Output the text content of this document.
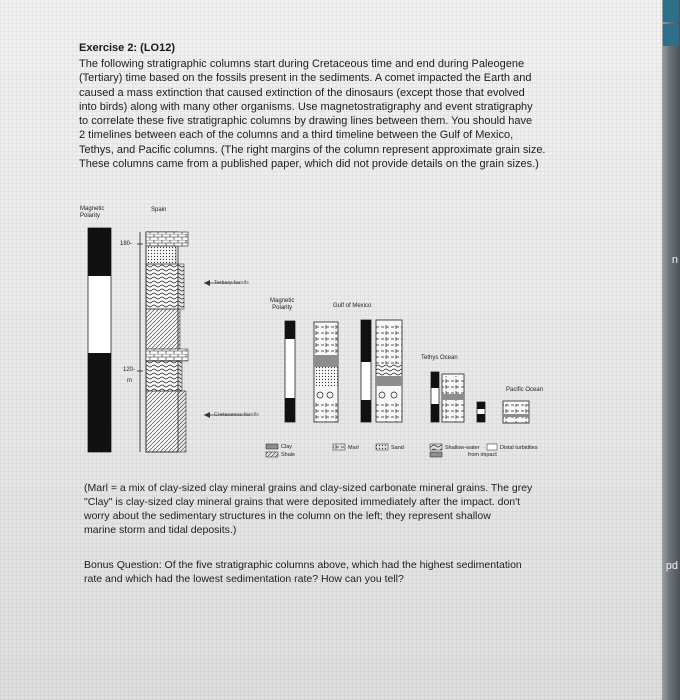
n
pd
Exercise 2: (LO12)
The following stratigraphic columns start during Cretaceous time and end during Paleogene
(Tertiary) time based on the fossils present in the sediments. A comet impacted the Earth and
caused a mass extinction that caused extinction of the dinosaurs (except those that evolved
into birds) along with many other organisms. Use magnetostratigraphy and event stratigraphy
to correlate these five stratigraphic columns by drawing lines between them. You should have
2 timelines between each of the columns and a third timeline between the Gulf of Mexico,
Tethys, and Pacific columns. (The right margins of the column represent approximate grain size.
These columns came from a published paper, which did not provide details on the grain sizes.)
Magnetic
Polarity
Spain
180-
120-
m
Tertiary fossils
Cretaceous fossils
Magnetic
Polarity	Gulf of Mexico
Tethys Ocean
Pacific Ocean
Clay
Shale
Marl	Sand	Shallow-water	Distal turbidites
from impact
(Marl = a mix of clay-sized clay mineral grains and clay-sized carbonate mineral grains. The grey
"Clay" is clay-sized clay mineral grains that were deposited immediately after the impact. don't
worry about the sedimentary structures in the column on the left; they represent shallow
marine storm and tidal deposits.)
Bonus Question: Of the five stratigraphic columns above, which had the highest sedimentation
rate and which had the lowest sedimentation rate? How can you tell?
